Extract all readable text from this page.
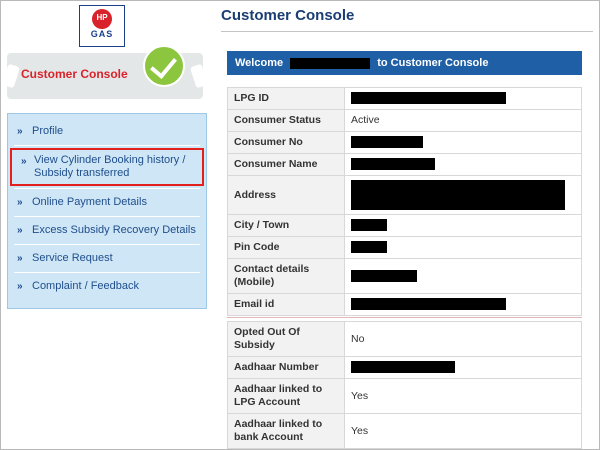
HP
GAS
Customer Console
» Profile
» View Cylinder Booking history / Subsidy transferred
» Online Payment Details
» Excess Subsidy Recovery Details
» Service Request
» Complaint / Feedback
Customer Console
Welcome	to Customer Console
LPG ID	
Consumer Status	Active
Consumer No	
Consumer Name	
Address	
City / Town	
Pin Code	
Contact details (Mobile)	
Email id	
Opted Out Of Subsidy	No
Aadhaar Number	
Aadhaar linked to LPG Account	Yes
Aadhaar linked to bank Account	Yes
